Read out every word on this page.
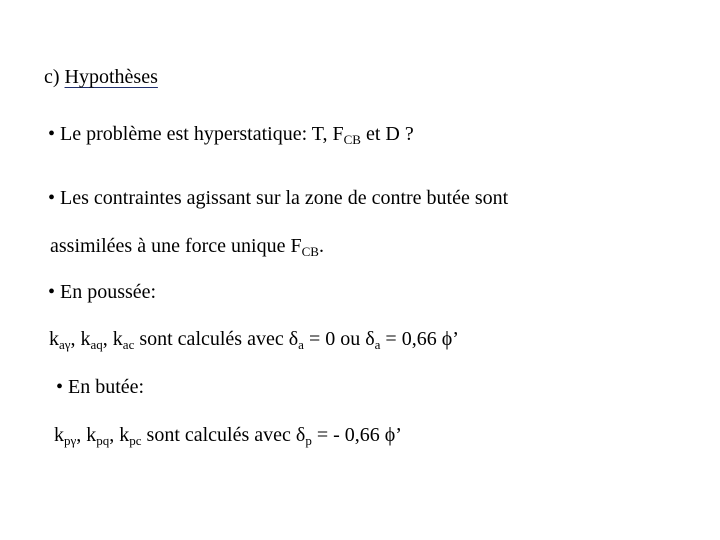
c) Hypothèses
• Le problème est hyperstatique: T, $F_{CB}$ et D ?
• Les contraintes agissant sur la zone de contre butée sont
assimilées à une force unique $F_{CB}$.
• En poussée:
$k_{a\gamma}$, $k_{aq}$, $k_{ac}$ sont calculés avec $\delta_a = 0$ ou $\delta_a = 0,66$ ϕ’
• En butée:
$k_{p\gamma}$, $k_{pq}$, $k_{pc}$ sont calculés avec $\delta_p$ = - 0,66 ϕ’
